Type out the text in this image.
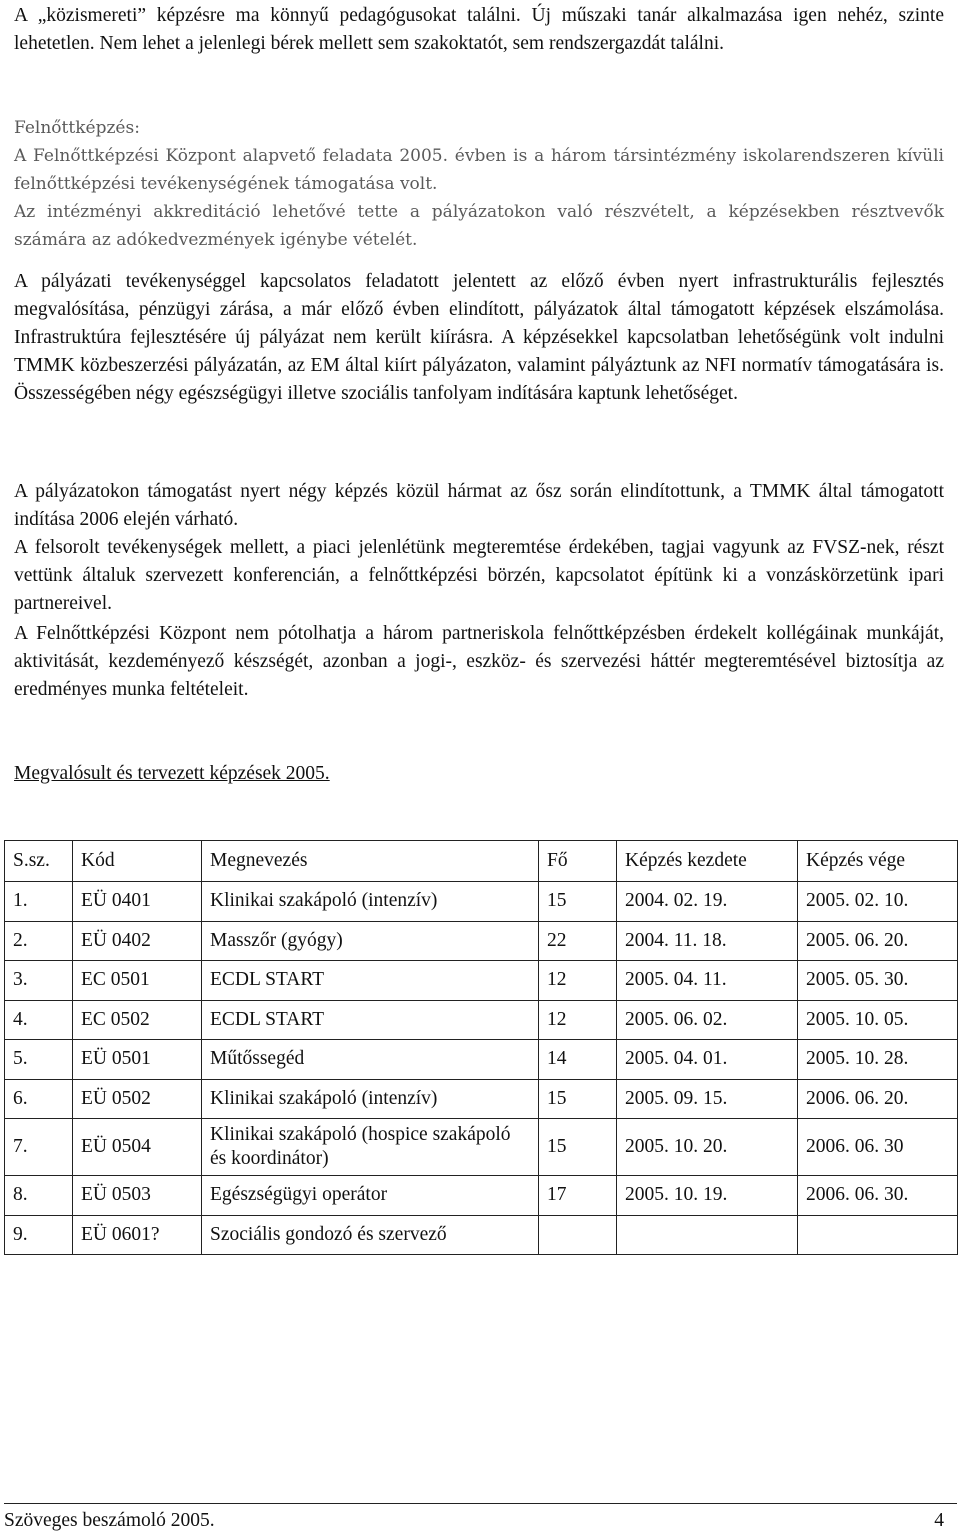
A „közismereti” képzésre ma könnyű pedagógusokat találni. Új műszaki tanár alkalmazása igen nehéz, szinte lehetetlen. Nem lehet a jelenlegi bérek mellett sem szakoktatót, sem rendszergazdát találni.

Felnőttképzés:

A Felnőttképzési Központ alapvető feladata 2005. évben is a három társintézmény iskolarendszeren kívüli felnőttképzési tevékenységének támogatása volt.

Az intézményi akkreditáció lehetővé tette a pályázatokon való részvételt, a képzésekben résztvevők számára az adókedvezmények igénybe vételét.

A pályázati tevékenységgel kapcsolatos feladatott jelentett az előző évben nyert infrastrukturális fejlesztés megvalósítása, pénzügyi zárása, a már előző évben elindított, pályázatok által támogatott képzések elszámolása. Infrastruktúra fejlesztésére új pályázat nem került kiírásra. A képzésekkel kapcsolatban lehetőségünk volt indulni TMMK közbeszerzési pályázatán, az EM által kiírt pályázaton, valamint pályáztunk az NFI normatív támogatására is. Összességében négy egészségügyi illetve szociális tanfolyam indítására kaptunk lehetőséget.

A pályázatokon támogatást nyert négy képzés közül hármat az ősz során elindítottunk, a TMMK által támogatott indítása 2006 elején várható.

A felsorolt tevékenységek mellett, a piaci jelenlétünk megteremtése érdekében, tagjai vagyunk az FVSZ-nek, részt vettünk általuk szervezett konferencián, a felnőttképzési börzén, kapcsolatot építünk ki a vonzáskörzetünk ipari partnereivel.

A Felnőttképzési Központ nem pótolhatja a három partneriskola felnőttképzésben érdekelt kollégáinak munkáját, aktivitását, kezdeményező készségét, azonban a jogi-, eszköz- és szervezési háttér megteremtésével biztosítja az eredményes munka feltételeit.

Megvalósult és tervezett képzések 2005.

S.sz.	Kód	Megnevezés	Fő	Képzés kezdete	Képzés vége
1.	EÜ 0401	Klinikai szakápoló (intenzív)	15	2004. 02. 19.	2005. 02. 10.
2.	EÜ 0402	Masszőr (gyógy)	22	2004. 11. 18.	2005. 06. 20.
3.	EC 0501	ECDL START	12	2005. 04. 11.	2005. 05. 30.
4.	EC 0502	ECDL START	12	2005. 06. 02.	2005. 10. 05.
5.	EÜ 0501	Műtőssegéd	14	2005. 04. 01.	2005. 10. 28.
6.	EÜ 0502	Klinikai szakápoló (intenzív)	15	2005. 09. 15.	2006. 06. 20.
7.	EÜ 0504	Klinikai szakápoló (hospice szakápoló és koordinátor)	15	2005. 10. 20.	2006. 06. 30
8.	EÜ 0503	Egészségügyi operátor	17	2005. 10. 19.	2006. 06. 30.
9.	EÜ 0601?	Szociális gondozó és szervező			
Szöveges beszámoló 2005.	4
